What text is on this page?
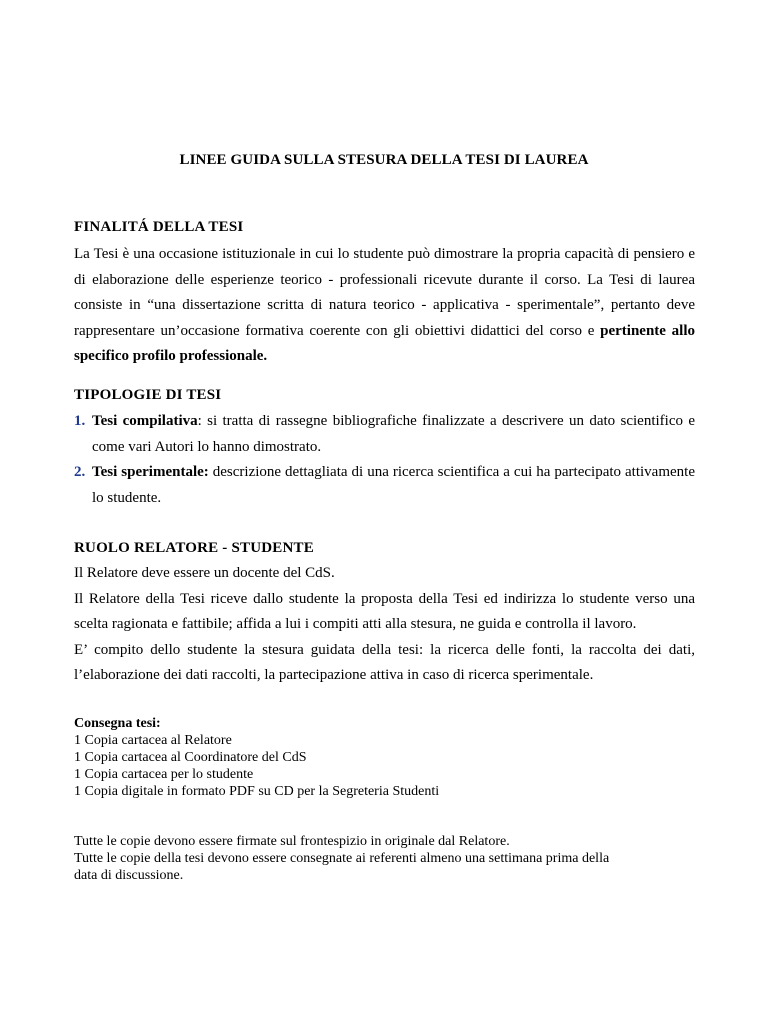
LINEE GUIDA SULLA STESURA DELLA TESI DI LAUREA
FINALITÁ DELLA TESI

La Tesi è una occasione istituzionale in cui lo studente può dimostrare la propria capacità di pensiero e di elaborazione delle esperienze teorico - professionali ricevute durante il corso. La Tesi di laurea consiste in “una dissertazione scritta di natura teorico - applicativa - sperimentale”, pertanto deve rappresentare un’occasione formativa coerente con gli obiettivi didattici del corso e pertinente allo specifico profilo professionale.

TIPOLOGIE DI TESI
1. Tesi compilativa: si tratta di rassegne bibliografiche finalizzate a descrivere un dato scientifico e come vari Autori lo hanno dimostrato.
2. Tesi sperimentale: descrizione dettagliata di una ricerca scientifica a cui ha partecipato attivamente lo studente.
RUOLO RELATORE - STUDENTE
Il Relatore deve essere un docente del CdS.
Il Relatore della Tesi riceve dallo studente la proposta della Tesi ed indirizza lo studente verso una
scelta ragionata e fattibile; affida a lui i compiti atti alla stesura, ne guida e controlla il lavoro.
E’ compito dello studente la stesura guidata della tesi: la ricerca delle fonti, la raccolta dei dati,
l’elaborazione dei dati raccolti, la partecipazione attiva in caso di ricerca sperimentale.
Consegna tesi:
1 Copia cartacea al Relatore
1 Copia cartacea al Coordinatore del CdS
1 Copia cartacea per lo studente
1 Copia digitale in formato PDF su CD per la Segreteria Studenti
Tutte le copie devono essere firmate sul frontespizio in originale dal Relatore.
Tutte le copie della tesi devono essere consegnate ai referenti almeno una settimana prima della
data di discussione.
